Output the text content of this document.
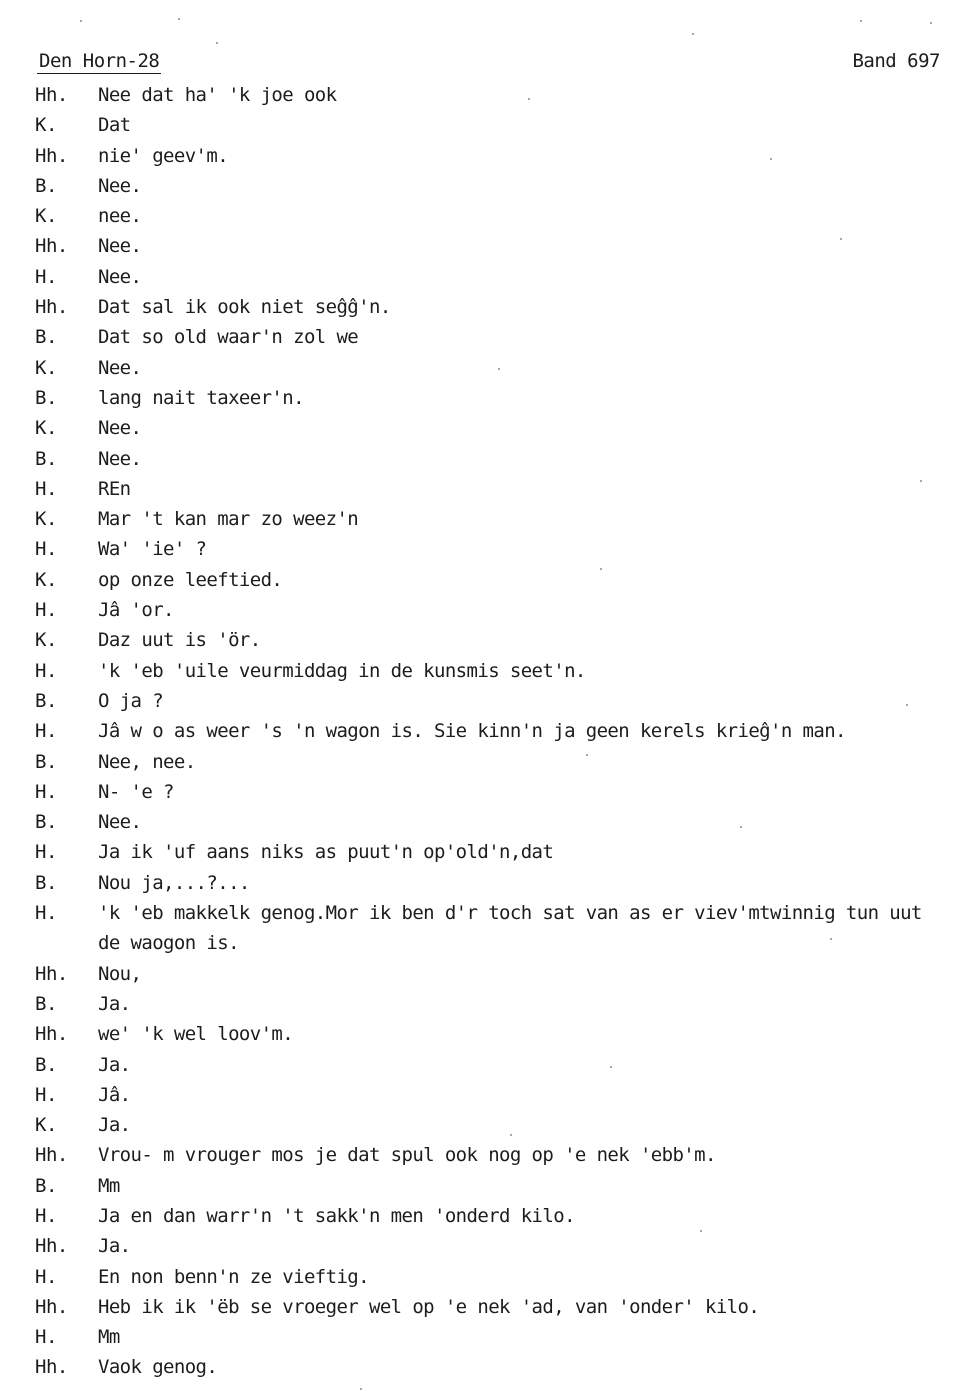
Den Horn-28	Band 697
Hh.	Nee dat ha' 'k joe ook
K.	Dat
Hh.	nie' geev'm.
B.	Nee.
K.	nee.
Hh.	Nee.
H.	Nee.
Hh.	Dat sal ik ook niet seĝĝ'n.
B.	Dat so old waar'n zol we
K.	Nee.
B.	lang nait taxeer'n.
K.	Nee.
B.	Nee.
H.	REn
K.	Mar 't kan mar zo weez'n
H.	Wa' 'ie' ?
K.	op onze leeftied.
H.	Jâ 'or.
K.	Daz uut is 'ör.
H.	'k 'eb 'uile veurmiddag in de kunsmis seet'n.
B.	O ja ?
H.	Jâ w o as weer 's 'n wagon is. Sie kinn'n ja geen kerels krieĝ'n man.
B.	Nee, nee.
H.	N- 'e ?
B.	Nee.
H.	Ja ik 'uf aans niks as puut'n op'old'n,dat
B.	Nou ja,...?...
H.	'k 'eb makkelk genog.Mor ik ben d'r toch sat van as er viev'mtwinnig tun uut de waogon is.
Hh.	Nou,
B.	Ja.
Hh.	we' 'k wel loov'm.
B.	Ja.
H.	Jâ.
K.	Ja.
Hh.	Vrou- m vrouger mos je dat spul ook nog op 'e nek 'ebb'm.
B.	Mm
H.	Ja en dan warr'n 't sakk'n men 'onderd kilo.
Hh.	Ja.
H.	En non benn'n ze vieftig.
Hh.	Heb ik ik 'ëb se vroeger wel op 'e nek 'ad, van 'onder' kilo.
H.	Mm
Hh.	Vaok genog.
